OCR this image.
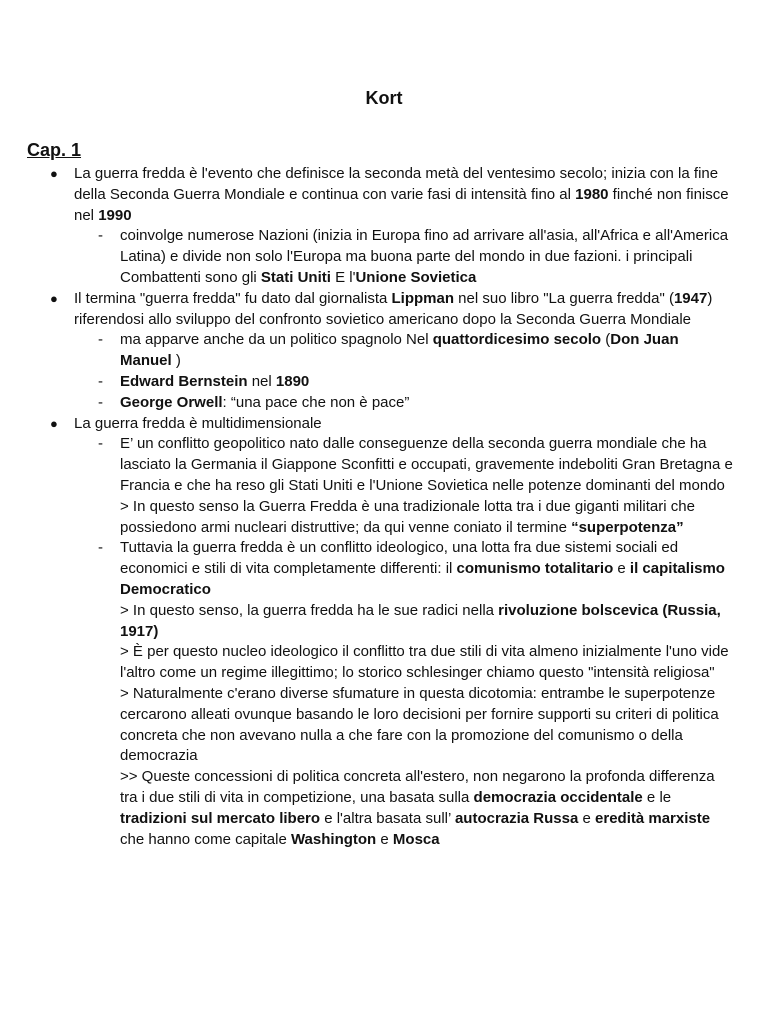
Kort
Cap. 1
● La guerra fredda è l'evento che definisce la seconda metà del ventesimo secolo; inizia con la fine della Seconda Guerra Mondiale e continua con varie fasi di intensità fino al 1980 finché non finisce nel 1990
- coinvolge numerose Nazioni (inizia in Europa fino ad arrivare all'asia, all'Africa e all'America Latina) e divide non solo l'Europa ma buona parte del mondo in due fazioni. i principali Combattenti sono gli Stati Uniti E l'Unione Sovietica
● Il termina "guerra fredda" fu dato dal giornalista Lippman nel suo libro "La guerra fredda" (1947) riferendosi allo sviluppo del confronto sovietico americano dopo la Seconda Guerra Mondiale
- ma apparve anche da un politico spagnolo Nel quattordicesimo secolo (Don Juan Manuel )
- Edward Bernstein nel 1890
- George Orwell: “una pace che non è pace”
● La guerra fredda è multidimensionale
- E’ un conflitto geopolitico nato dalle conseguenze della seconda guerra mondiale che ha lasciato la Germania il Giappone Sconfitti e occupati, gravemente indeboliti Gran Bretagna e Francia e che ha reso gli Stati Uniti e l'Unione Sovietica nelle potenze dominanti del mondo
> In questo senso la Guerra Fredda è una tradizionale lotta tra i due giganti militari che possiedono armi nucleari distruttive; da qui venne coniato il termine “superpotenza”
- Tuttavia la guerra fredda è un conflitto ideologico, una lotta fra due sistemi sociali ed economici e stili di vita completamente differenti: il comunismo totalitario e il capitalismo Democratico
> In questo senso, la guerra fredda ha le sue radici nella rivoluzione bolscevica (Russia, 1917)
> È per questo nucleo ideologico il conflitto tra due stili di vita almeno inizialmente l'uno vide l'altro come un regime illegittimo; lo storico schlesinger chiamo questo "intensità religiosa"
> Naturalmente c'erano diverse sfumature in questa dicotomia: entrambe le superpotenze cercarono alleati ovunque basando le loro decisioni per fornire supporti su criteri di politica concreta che non avevano nulla a che fare con la promozione del comunismo o della democrazia
>> Queste concessioni di politica concreta all'estero, non negarono la profonda differenza tra i due stili di vita in competizione, una basata sulla democrazia occidentale e le tradizioni sul mercato libero e l'altra basata sull’ autocrazia Russa e eredità marxiste che hanno come capitale Washington e Mosca
